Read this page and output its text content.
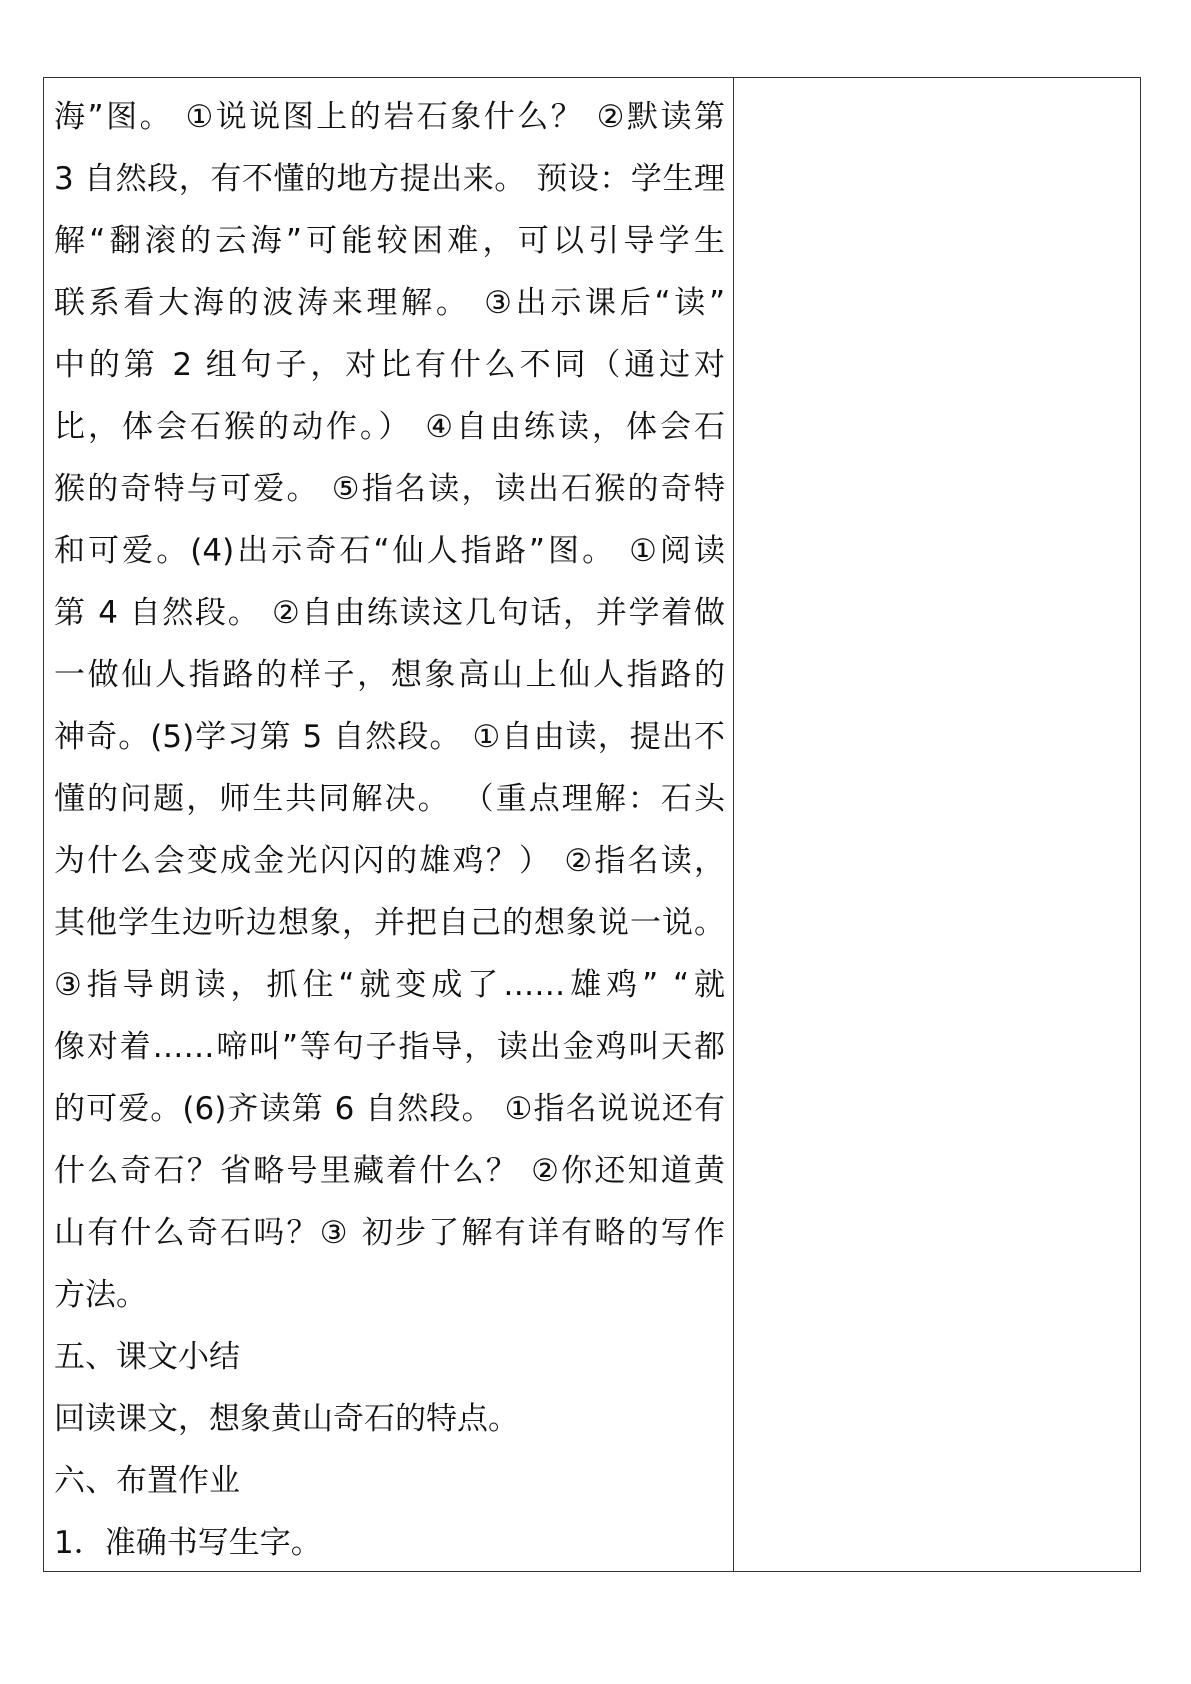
海”图。 ①说说图上的岩石象什么？ ②默读第
3 自然段，有不懂的地方提出来。 预设：学生理
解“翻滚的云海”可能较困难，可以引导学生
联系看大海的波涛来理解。 ③出示课后“读”
中的第 2 组句子，对比有什么不同（通过对
比，体会石猴的动作。） ④自由练读，体会石
猴的奇特与可爱。 ⑤指名读，读出石猴的奇特
和可爱。(4)出示奇石“仙人指路”图。 ①阅读
第 4 自然段。 ②自由练读这几句话，并学着做
一做仙人指路的样子，想象高山上仙人指路的
神奇。(5)学习第 5 自然段。 ①自由读，提出不
懂的问题，师生共同解决。 （重点理解：石头
为什么会变成金光闪闪的雄鸡？） ②指名读，
其他学生边听边想象，并把自己的想象说一说。
③指导朗读，抓住“就变成了……雄鸡” “就
像对着……啼叫”等句子指导，读出金鸡叫天都
的可爱。(6)齐读第 6 自然段。 ①指名说说还有
什么奇石？省略号里藏着什么？ ②你还知道黄
山有什么奇石吗？③ 初步了解有详有略的写作
方法。
五、课文小结
回读课文，想象黄山奇石的特点。
六、布置作业
1．准确书写生字。
